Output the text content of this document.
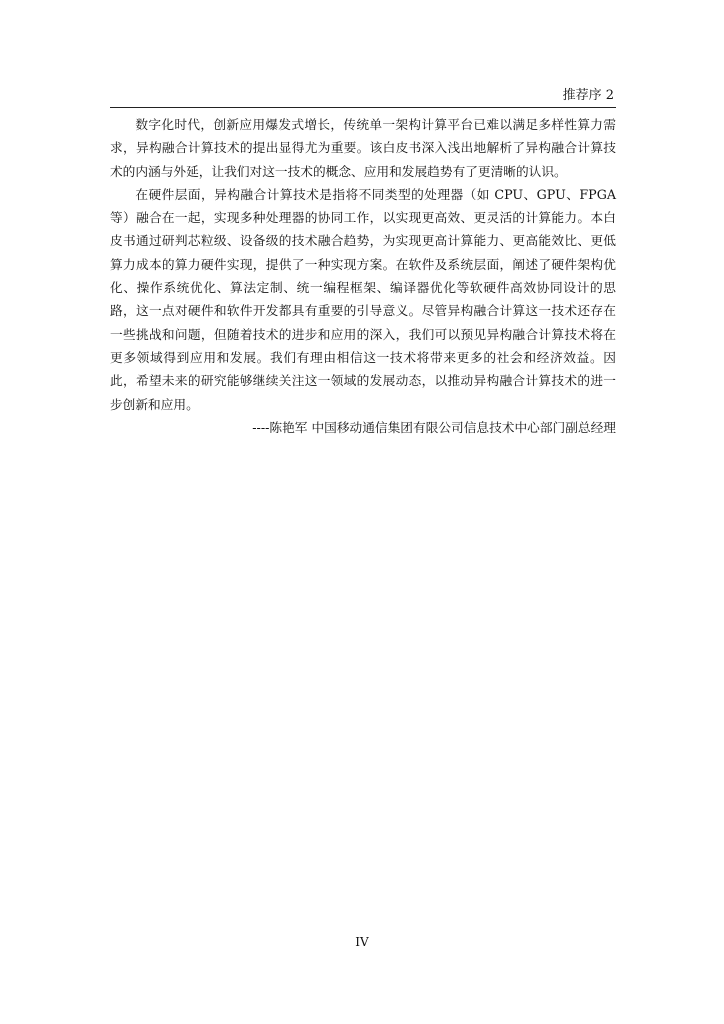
推荐序 2

数字化时代，创新应用爆发式增长，传统单一架构计算平台已难以满足多样性算力需求，异构融合计算技术的提出显得尤为重要。该白皮书深入浅出地解析了异构融合计算技术的内涵与外延，让我们对这一技术的概念、应用和发展趋势有了更清晰的认识。

在硬件层面，异构融合计算技术是指将不同类型的处理器（如 CPU、GPU、FPGA 等）融合在一起，实现多种处理器的协同工作，以实现更高效、更灵活的计算能力。本白皮书通过研判芯粒级、设备级的技术融合趋势，为实现更高计算能力、更高能效比、更低算力成本的算力硬件实现，提供了一种实现方案。在软件及系统层面，阐述了硬件架构优化、操作系统优化、算法定制、统一编程框架、编译器优化等软硬件高效协同设计的思路，这一点对硬件和软件开发都具有重要的引导意义。尽管异构融合计算这一技术还存在一些挑战和问题，但随着技术的进步和应用的深入，我们可以预见异构融合计算技术将在更多领域得到应用和发展。我们有理由相信这一技术将带来更多的社会和经济效益。因此，希望未来的研究能够继续关注这一领域的发展动态，以推动异构融合计算技术的进一步创新和应用。

----陈艳军 中国移动通信集团有限公司信息技术中心部门副总经理

IV
